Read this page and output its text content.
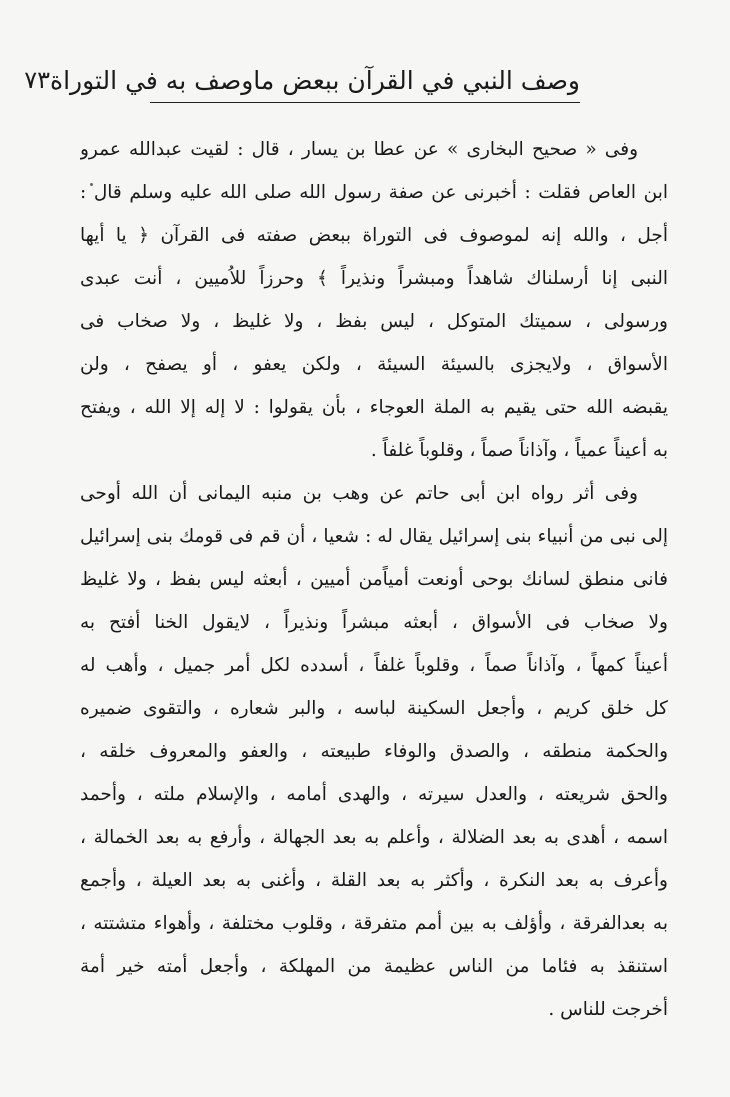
وصف النبي في القرآن ببعض ماوصف به في التوراة
٧٣
وفى « صحيح البخارى » عن عطا بن يسار ، قال : لقيت عبدالله عمرو
ابن العاص فقلت : أخبرنى عن صفة رسول الله صلى الله عليه وسلم قال :
أجل ، والله إنه لموصوف فى التوراة ببعض صفته فى القرآن ﴿ يا أيها
النبى إنا أرسلناك شاهداً ومبشراً ونذيراً ﴾ وحرزاً للاُميين ، أنت عبدى
ورسولى ، سميتك المتوكل ، ليس بفظ ، ولا غليظ ، ولا صخاب فى
الأسواق ، ولايجزى بالسيئة السيئة ، ولكن يعفو ، أو يصفح ، ولن
يقبضه الله حتى يقيم به الملة العوجاء ، بأن يقولوا : لا إله إلا الله ، ويفتح
به أعيناً عمياً ، وآذاناً صماً ، وقلوباً غلفاً .
وفى أثر رواه ابن أبى حاتم عن وهب بن منبه اليمانى أن الله أوحى
إلى نبى من أنبياء بنى إسرائيل يقال له : شعيا ، أن قم فى قومك بنى إسرائيل
فانى منطق لسانك بوحى أونعت أمياًمن أميين ، أبعثه ليس بفظ ، ولا غليظ
ولا صخاب فى الأسواق ، أبعثه مبشراً ونذيراً ، لايقول الخنا أفتح به
أعيناً كمهاً ، وآذاناً صماً ، وقلوباً غلفاً ، أسدده لكل أمر جميل ، وأهب له
كل خلق كريم ، وأجعل السكينة لباسه ، والبر شعاره ، والتقوى ضميره
والحكمة منطقه ، والصدق والوفاء طبيعته ، والعفو والمعروف خلقه ،
والحق شريعته ، والعدل سيرته ، والهدى أمامه ، والإسلام ملته ، وأحمد
اسمه ، أهدى به بعد الضلالة ، وأعلم به بعد الجهالة ، وأرفع به بعد الخمالة ،
وأعرف به بعد النكرة ، وأكثر به بعد القلة ، وأغنى به بعد العيلة ، وأجمع
به بعدالفرقة ، وأؤلف به بين أمم متفرقة ، وقلوب مختلفة ، وأهواء متشتته ،
استنقذ به فئاما من الناس عظيمة من المهلكة ، وأجعل أمته خير أمة
أخرجت للناس .
